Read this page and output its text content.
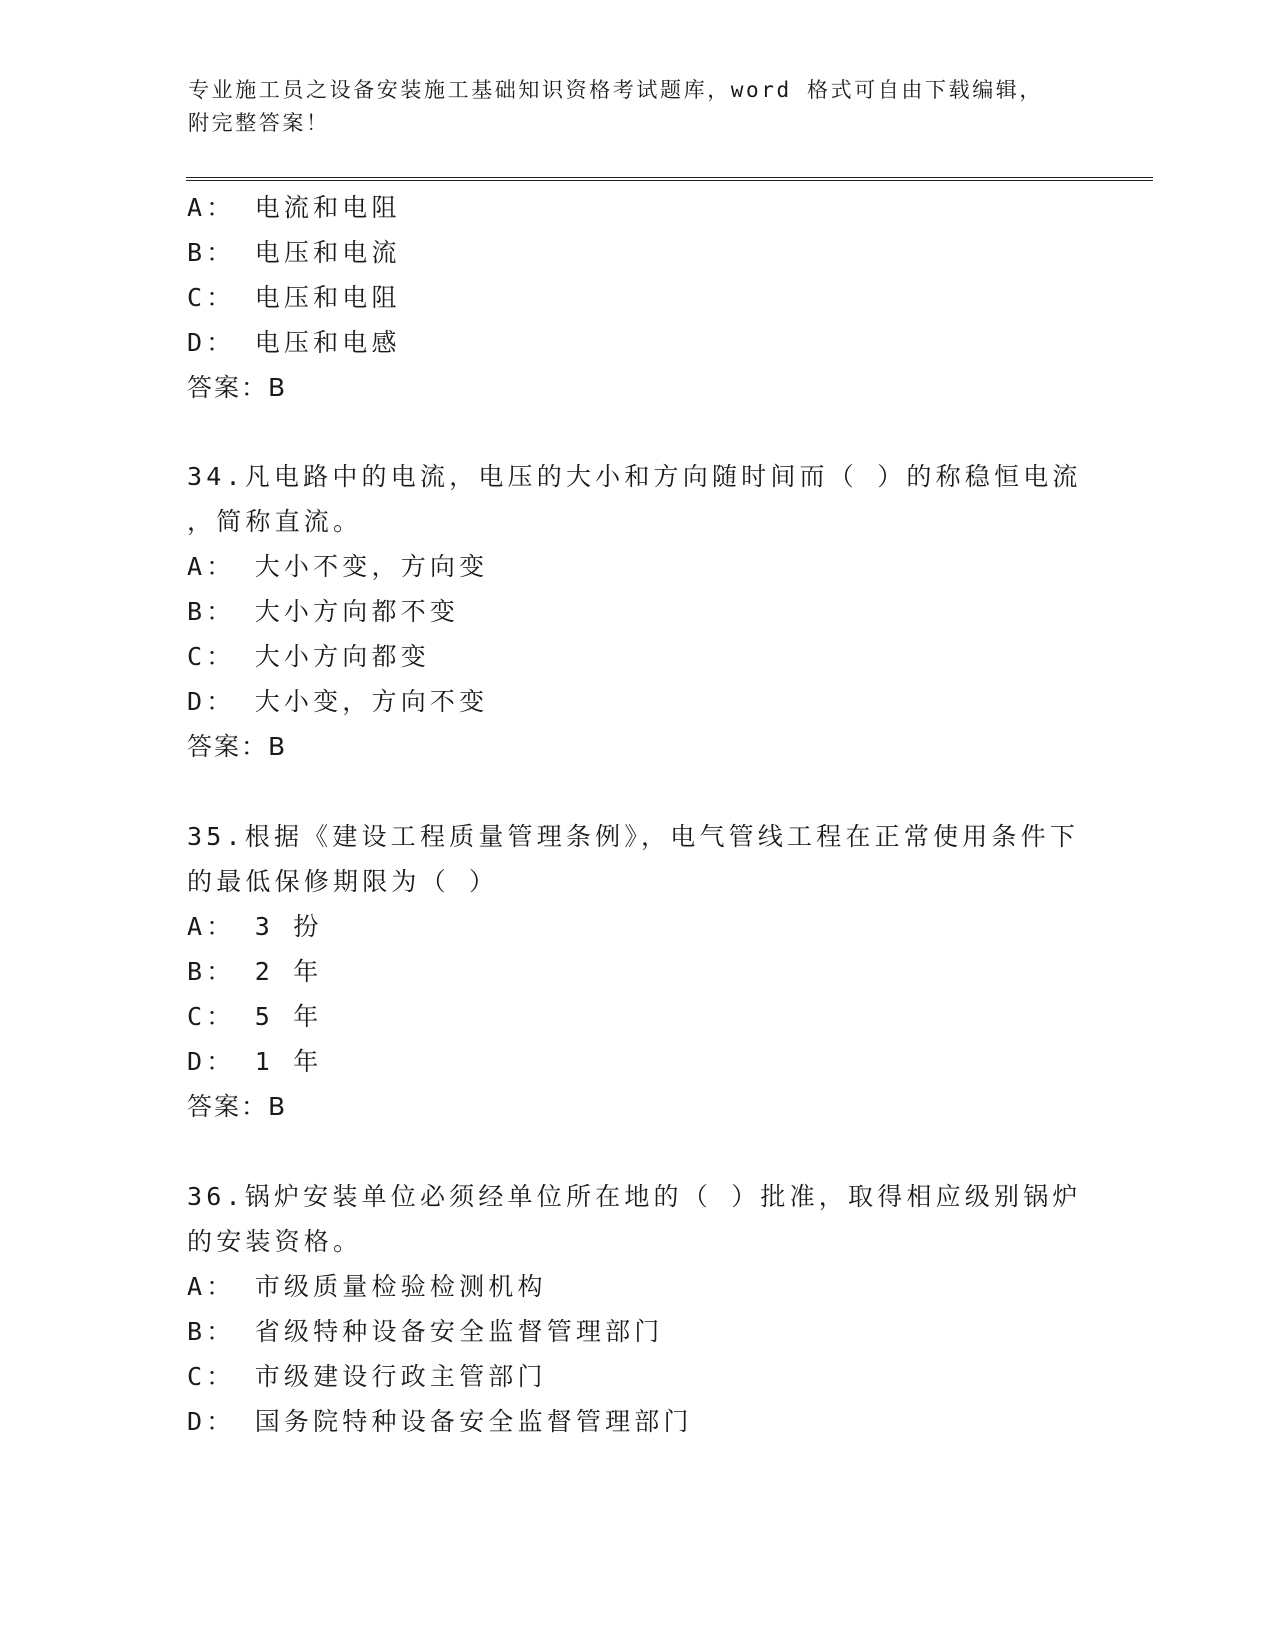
专业施工员之设备安装施工基础知识资格考试题库，word 格式可自由下载编辑，
附完整答案！
A： 电流和电阻
B： 电压和电流
C： 电压和电阻
D： 电压和电感
答案：B
34.凡电路中的电流，电压的大小和方向随时间而（ ）的称稳恒电流
，简称直流。
A： 大小不变，方向变
B： 大小方向都不变
C： 大小方向都变
D： 大小变，方向不变
答案：B
35.根据《建设工程质量管理条例》，电气管线工程在正常使用条件下
的最低保修期限为（ ）
A： 3 扮
B： 2 年
C： 5 年
D： 1 年
答案：B
36.锅炉安装单位必须经单位所在地的（ ）批准，取得相应级别锅炉
的安装资格。
A： 市级质量检验检测机构
B： 省级特种设备安全监督管理部门
C： 市级建设行政主管部门
D： 国务院特种设备安全监督管理部门
